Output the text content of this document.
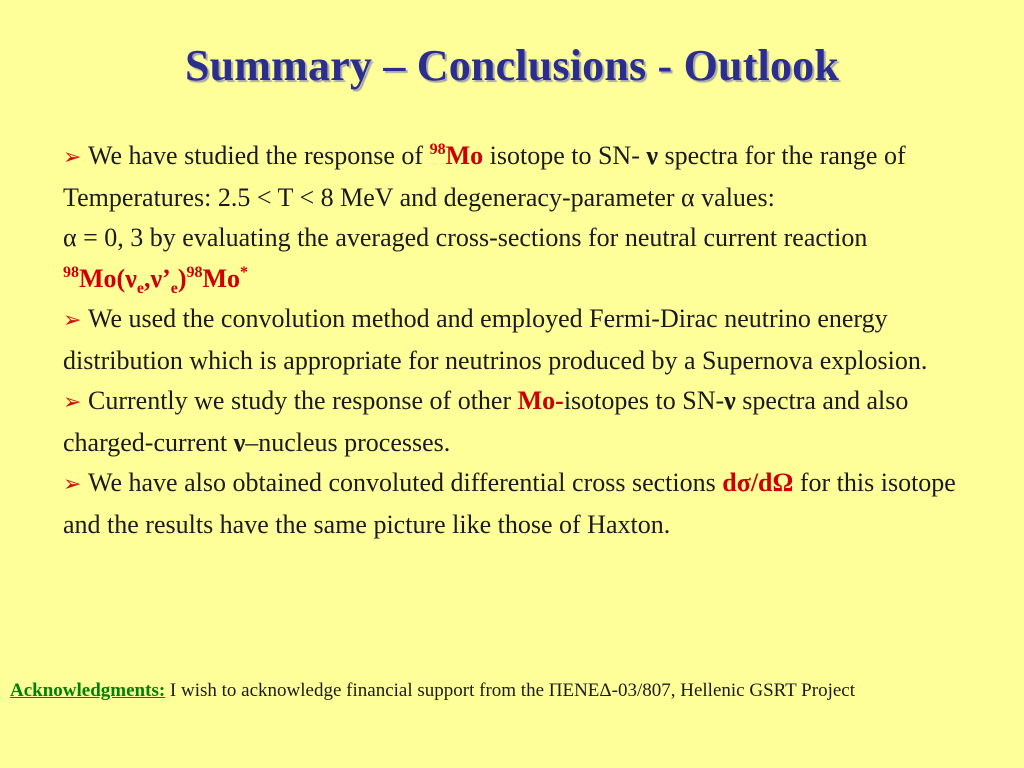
Summary – Conclusions - Outlook

➢ We have studied the response of $^{98}$Mo isotope to SN- ν spectra for the range of Temperatures: 2.5 < T < 8 MeV and degeneracy-parameter α values:
α = 0, 3 by evaluating the averaged cross-sections for neutral current reaction $^{98}Mo(\nu_e,\nu’_e)^{98}Mo^*$

➢ We used the convolution method and employed Fermi-Dirac neutrino energy distribution which is appropriate for neutrinos produced by a Supernova explosion.

➢ Currently we study the response of other Mo-isotopes to SN-ν spectra and also charged-current ν–nucleus processes.

➢ We have also obtained convoluted differential cross sections dσ/dΩ for this isotope and the results have the same picture like those of Haxton.

Acknowledgments: I wish to acknowledge financial support from the ΠΕΝΕΔ-03/807, Hellenic GSRT Project
